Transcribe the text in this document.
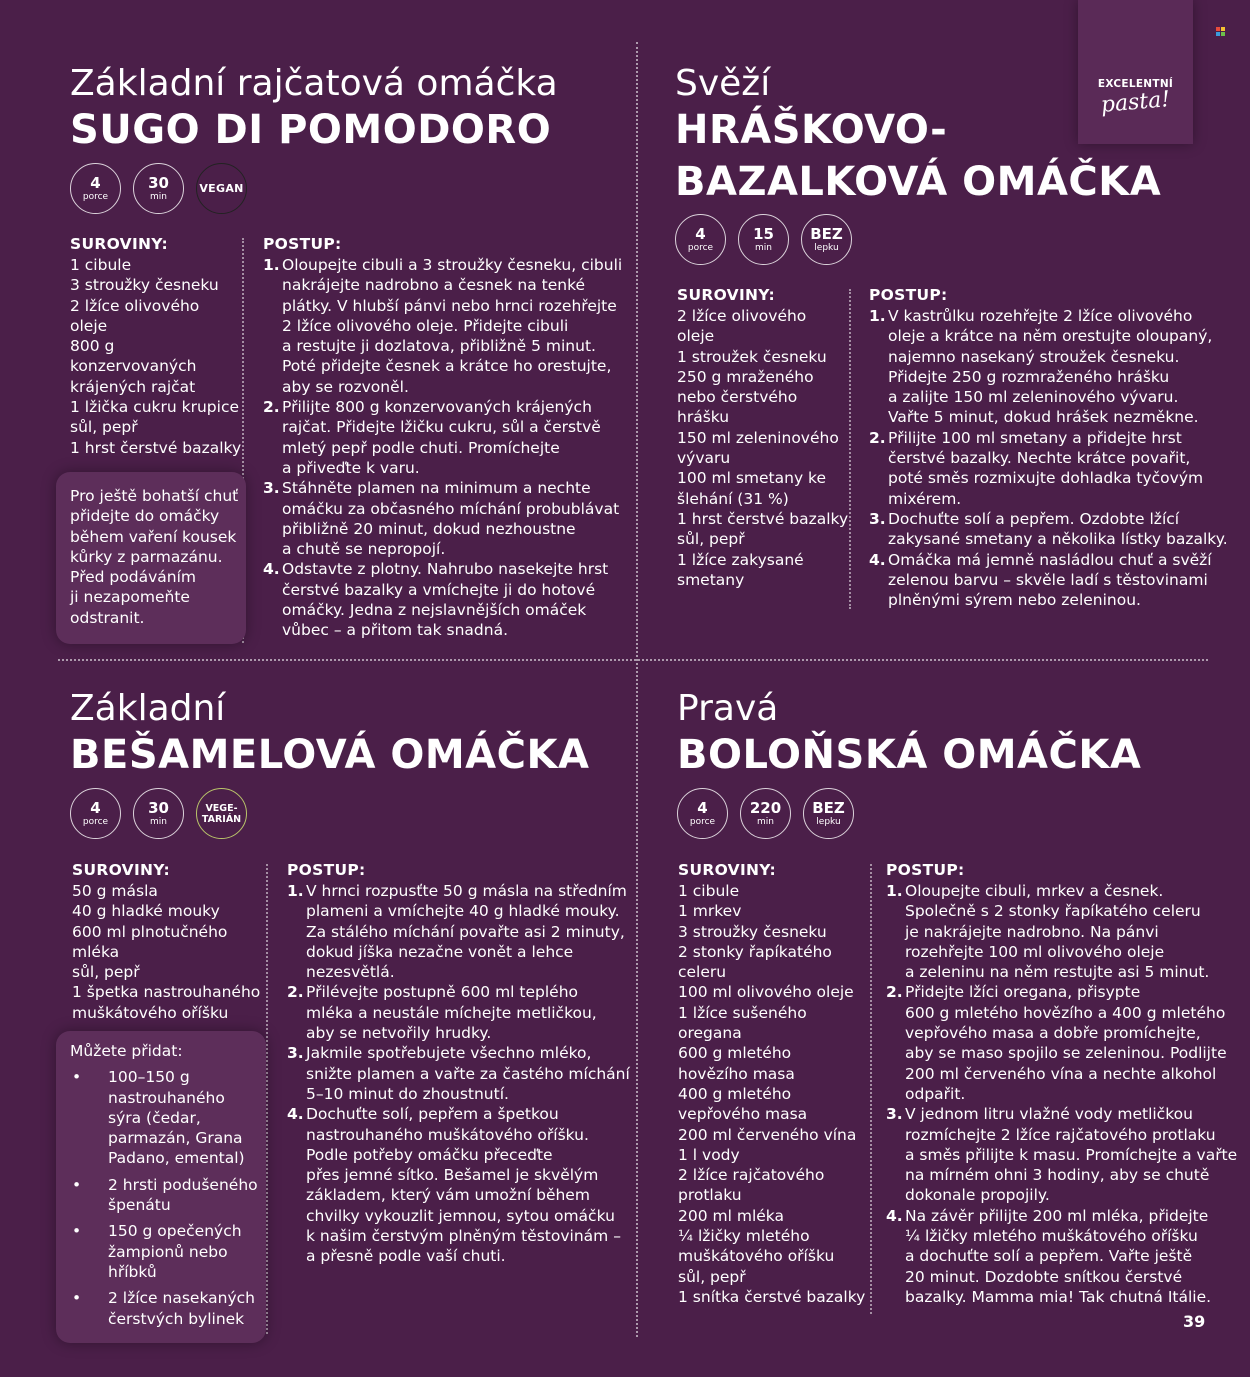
EXCELENTNÍ
pasta!
Základní rajčatová omáčka
SUGO DI POMODORO
4
porce
30
min
VEGAN
SUROVINY:
1 cibule
3 stroužky česneku
2 lžíce olivového
oleje
800 g
konzervovaných
krájených rajčat
1 lžička cukru krupice
sůl, pepř
1 hrst čerstvé bazalky
POSTUP:
1. Oloupejte cibuli a 3 stroužky česneku, cibuli
nakrájejte nadrobno a česnek na tenké
plátky. V hlubší pánvi nebo hrnci rozehřejte
2 lžíce olivového oleje. Přidejte cibuli
a restujte ji dozlatova, přibližně 5 minut.
Poté přidejte česnek a krátce ho orestujte,
aby se rozvoněl.
2. Přilijte 800 g konzervovaných krájených
rajčat. Přidejte lžičku cukru, sůl a čerstvě
mletý pepř podle chuti. Promíchejte
a přiveďte k varu.
3. Stáhněte plamen na minimum a nechte
omáčku za občasného míchání probublávat
přibližně 20 minut, dokud nezhoustne
a chutě se nepropojí.
4. Odstavte z plotny. Nahrubo nasekejte hrst
čerstvé bazalky a vmíchejte ji do hotové
omáčky. Jedna z nejslavnějších omáček
vůbec – a přitom tak snadná.
Pro ještě bohatší chuť
přidejte do omáčky
během vaření kousek
kůrky z parmazánu.
Před podáváním
ji nezapomeňte
odstranit.
Svěží
HRÁŠKOVO-
BAZALKOVÁ OMÁČKA
4
porce
15
min
BEZ
lepku
SUROVINY:
2 lžíce olivového
oleje
1 stroužek česneku
250 g mraženého
nebo čerstvého
hrášku
150 ml zeleninového
vývaru
100 ml smetany ke
šlehání (31 %)
1 hrst čerstvé bazalky
sůl, pepř
1 lžíce zakysané
smetany
POSTUP:
1. V kastrůlku rozehřejte 2 lžíce olivového
oleje a krátce na něm orestujte oloupaný,
najemno nasekaný stroužek česneku.
Přidejte 250 g rozmraženého hrášku
a zalijte 150 ml zeleninového vývaru.
Vařte 5 minut, dokud hrášek nezměkne.
2. Přilijte 100 ml smetany a přidejte hrst
čerstvé bazalky. Nechte krátce povařit,
poté směs rozmixujte dohladka tyčovým
mixérem.
3. Dochuťte solí a pepřem. Ozdobte lžící
zakysané smetany a několika lístky bazalky.
4. Omáčka má jemně nasládlou chuť a svěží
zelenou barvu – skvěle ladí s těstovinami
plněnými sýrem nebo zeleninou.
Základní
BEŠAMELOVÁ OMÁČKA
4
porce
30
min
VEGE-
TARIÁN
SUROVINY:
50 g másla
40 g hladké mouky
600 ml plnotučného
mléka
sůl, pepř
1 špetka nastrouhaného
muškátového oříšku
POSTUP:
1. V hrnci rozpusťte 50 g másla na středním
plameni a vmíchejte 40 g hladké mouky.
Za stálého míchání povařte asi 2 minuty,
dokud jíška nezačne vonět a lehce
nezesvětlá.
2. Přilévejte postupně 600 ml teplého
mléka a neustále míchejte metličkou,
aby se netvořily hrudky.
3. Jakmile spotřebujete všechno mléko,
snižte plamen a vařte za častého míchání
5–10 minut do zhoustnutí.
4. Dochuťte solí, pepřem a špetkou
nastrouhaného muškátového oříšku.
Podle potřeby omáčku přeceďte
přes jemné sítko. Bešamel je skvělým
základem, který vám umožní během
chvilky vykouzlit jemnou, sytou omáčku
k našim čerstvým plněným těstovinám –
a přesně podle vaší chuti.
Můžete přidat:
• 100–150 g
nastrouhaného
sýra (čedar,
parmazán, Grana
Padano, emental)
• 2 hrsti podušeného
špenátu
• 150 g opečených
žampionů nebo
hříbků
• 2 lžíce nasekaných
čerstvých bylinek
Pravá
BOLOŇSKÁ OMÁČKA
4
porce
220
min
BEZ
lepku
SUROVINY:
1 cibule
1 mrkev
3 stroužky česneku
2 stonky řapíkatého
celeru
100 ml olivového oleje
1 lžíce sušeného
oregana
600 g mletého
hovězího masa
400 g mletého
vepřového masa
200 ml červeného vína
1 l vody
2 lžíce rajčatového
protlaku
200 ml mléka
¼ lžičky mletého
muškátového oříšku
sůl, pepř
1 snítka čerstvé bazalky
POSTUP:
1. Oloupejte cibuli, mrkev a česnek.
Společně s 2 stonky řapíkatého celeru
je nakrájejte nadrobno. Na pánvi
rozehřejte 100 ml olivového oleje
a zeleninu na něm restujte asi 5 minut.
2. Přidejte lžíci oregana, přisypte
600 g mletého hovězího a 400 g mletého
vepřového masa a dobře promíchejte,
aby se maso spojilo se zeleninou. Podlijte
200 ml červeného vína a nechte alkohol
odpařit.
3. V jednom litru vlažné vody metličkou
rozmíchejte 2 lžíce rajčatového protlaku
a směs přilijte k masu. Promíchejte a vařte
na mírném ohni 3 hodiny, aby se chutě
dokonale propojily.
4. Na závěr přilijte 200 ml mléka, přidejte
¼ lžičky mletého muškátového oříšku
a dochuťte solí a pepřem. Vařte ještě
20 minut. Dozdobte snítkou čerstvé
bazalky. Mamma mia! Tak chutná Itálie.
39
